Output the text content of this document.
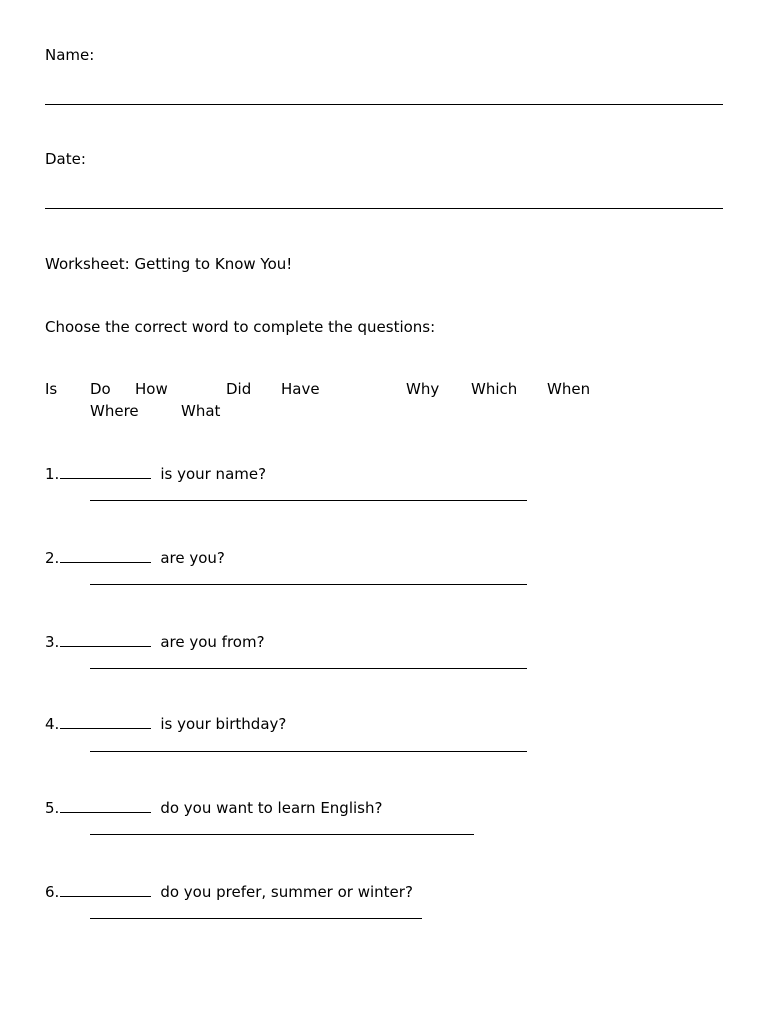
Name:
Date:
Worksheet: Getting to Know You!
Choose the correct word to complete the questions:
Is Do How	Did Have	Why Which When
Where	What
1.	is your name?
2.	are you?
3.	are you from?
4.	is your birthday?
5.	do you want to learn English?
6.	do you prefer, summer or winter?
